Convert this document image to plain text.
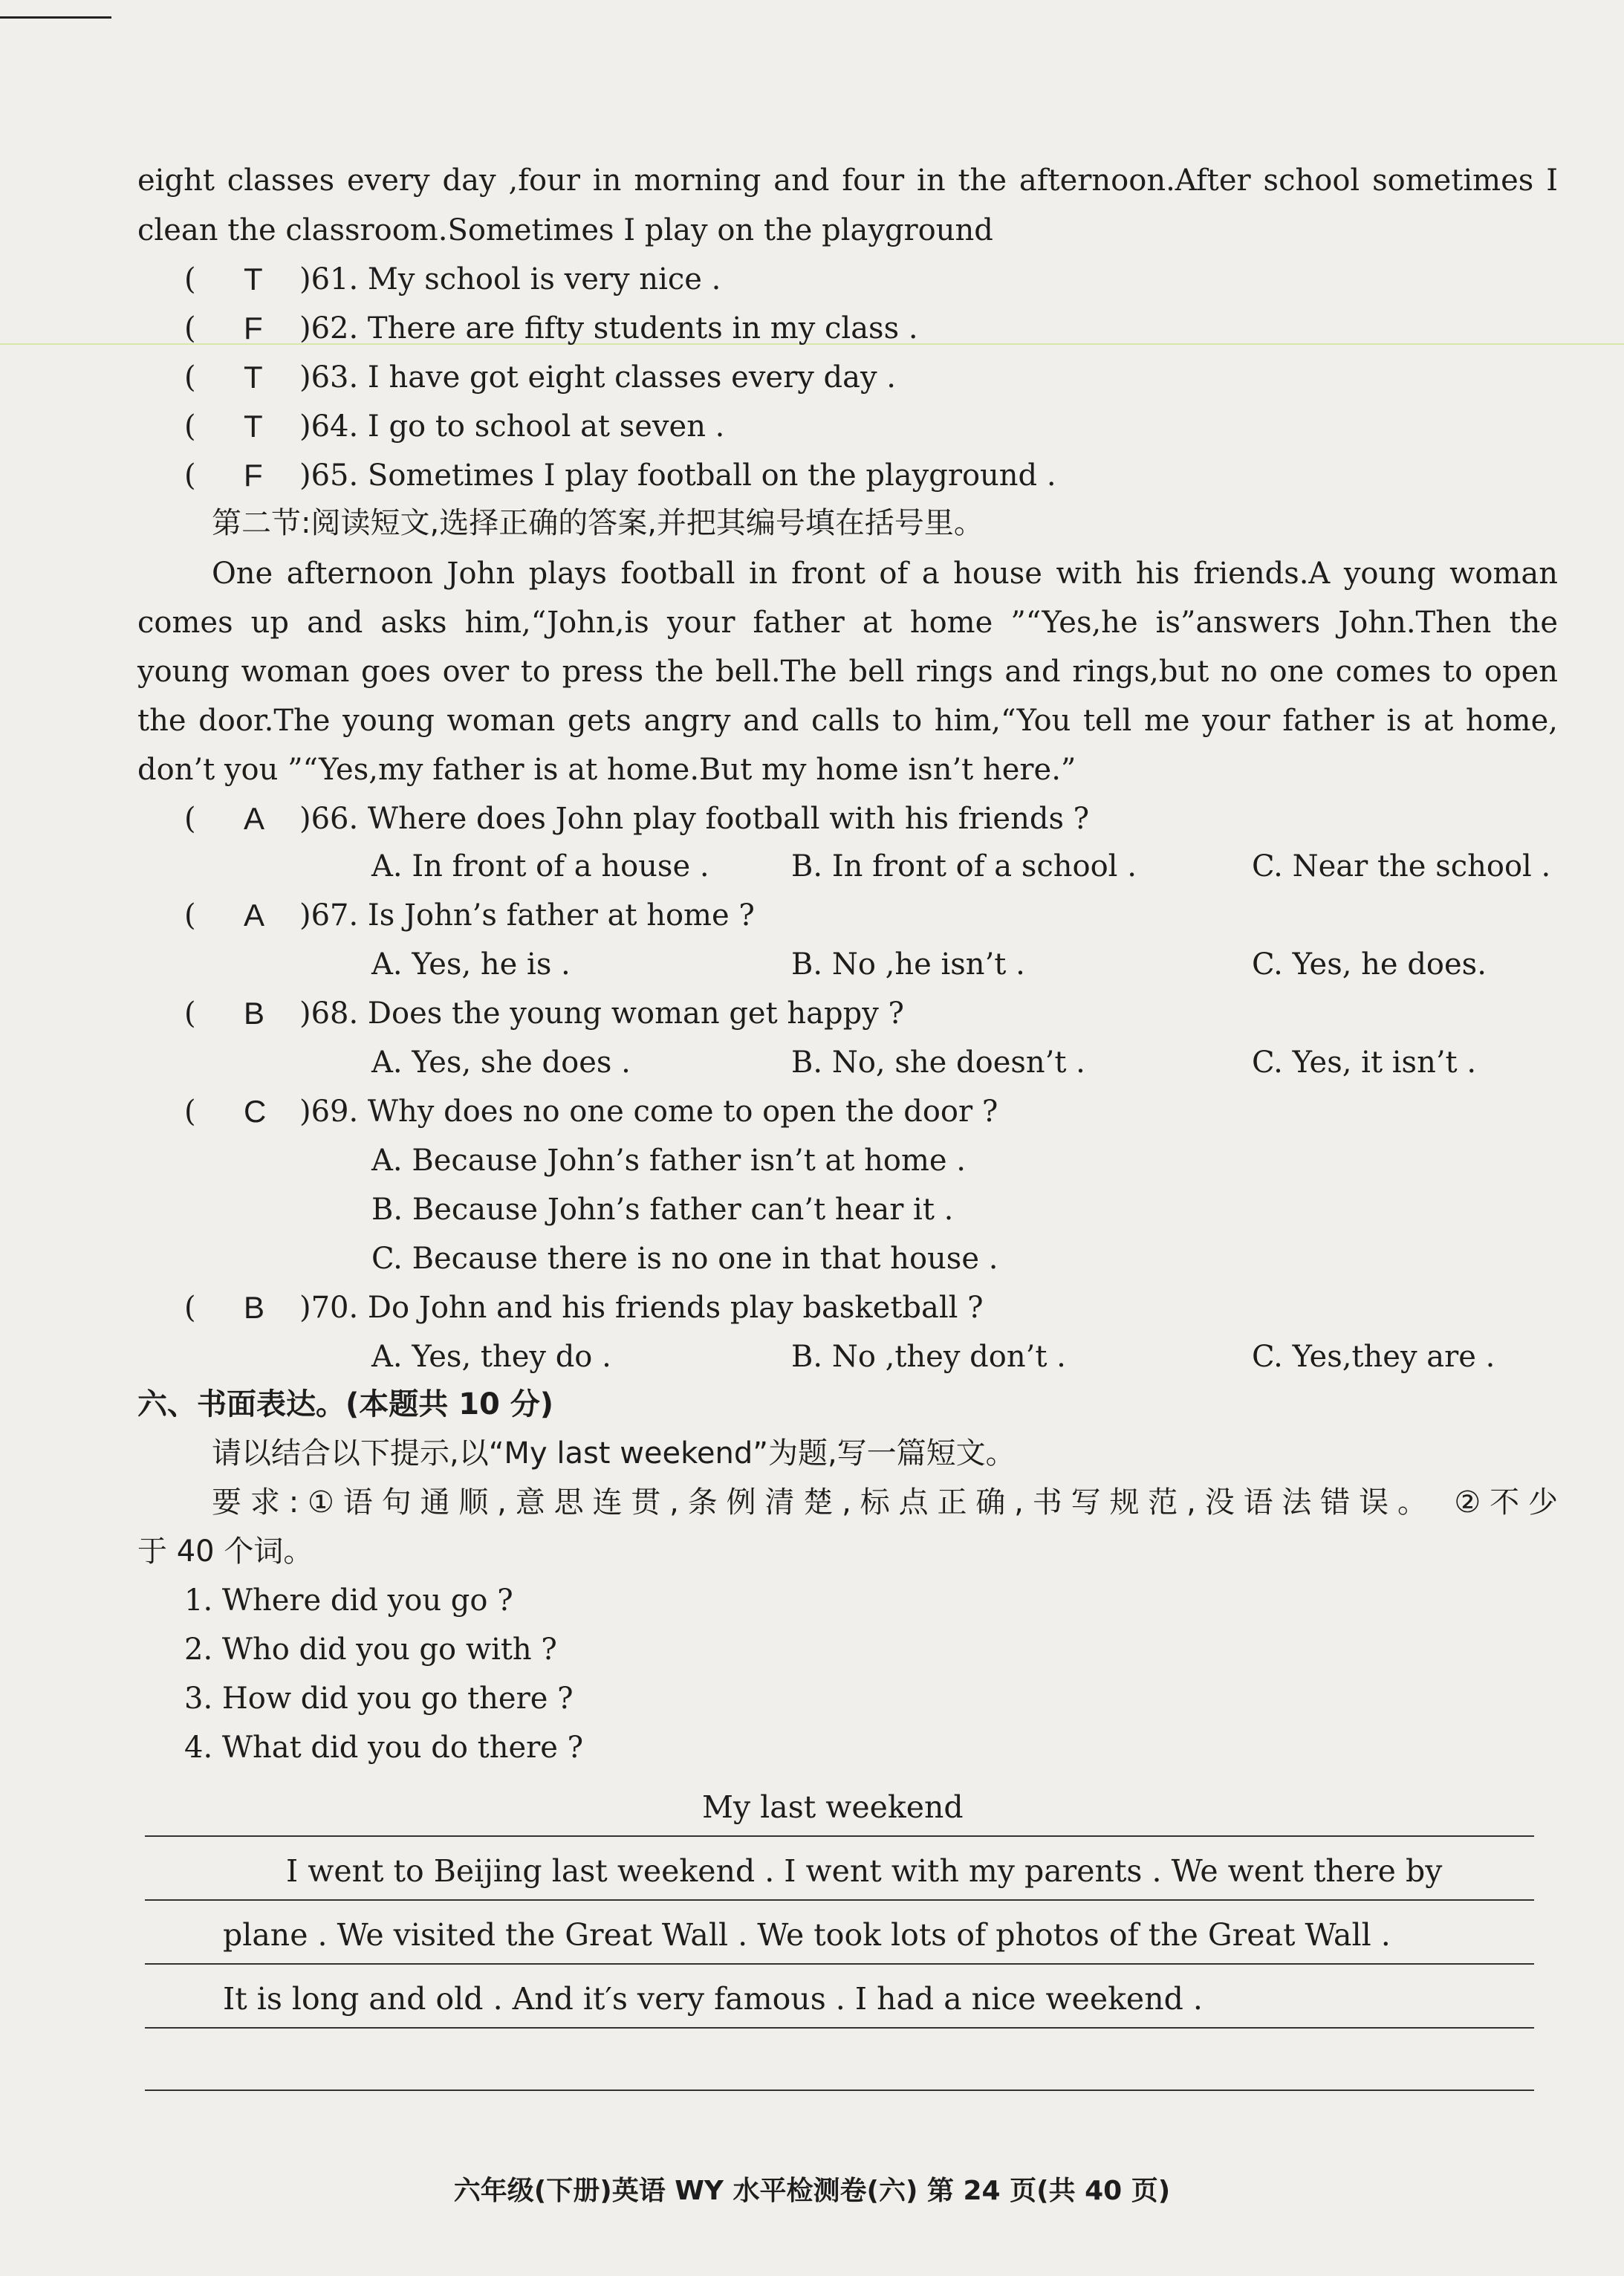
eight classes every day ,four in morning and four in the afternoon.After school sometimes I
clean the classroom.Sometimes I play on the playground
( T )61. My school is very nice .
( F )62. There are fifty students in my class .
( T )63. I have got eight classes every day .
( T )64. I go to school at seven .
( F )65. Sometimes I play football on the playground .
第二节:阅读短文,选择正确的答案,并把其编号填在括号里。
One afternoon John plays football in front of a house with his friends.A young woman
comes up and asks him,“John,is your father at home ”“Yes,he is”answers John.Then the
young woman goes over to press the bell.The bell rings and rings,but no one comes to open
the door.The young woman gets angry and calls to him,“You tell me your father is at home,
don’t you ”“Yes,my father is at home.But my home isn’t here.”
( A )66. Where does John play football with his friends ?
A. In front of a house .	B. In front of a school .	C. Near the school .
( A )67. Is John’s father at home ?
A. Yes, he is .	B. No ,he isn’t .	C. Yes, he does.
( B )68. Does the young woman get happy ?
A. Yes, she does .	B. No, she doesn’t .	C. Yes, it isn’t .
( C )69. Why does no one come to open the door ?
A. Because John’s father isn’t at home .
B. Because John’s father can’t hear it .
C. Because there is no one in that house .
( B )70. Do John and his friends play basketball ?
A. Yes, they do .	B. No ,they don’t .	C. Yes,they are .
六、书面表达。(本题共 10 分)
请以结合以下提示,以“My last weekend”为题,写一篇短文。
要求:①语句通顺,意思连贯,条例清楚,标点正确,书写规范,没语法错误。 ②不少
于 40 个词。
1. Where did you go ?
2. Who did you go with ?
3. How did you go there ?
4. What did you do there ?
My last weekend
I went to Beijing last weekend . I went with my parents . We went there by
plane . We visited the Great Wall . We took lots of photos of the Great Wall .
It is long and old . And it′s very famous . I had a nice weekend .
六年级(下册)英语 WY 水平检测卷(六) 第 24 页(共 40 页)
